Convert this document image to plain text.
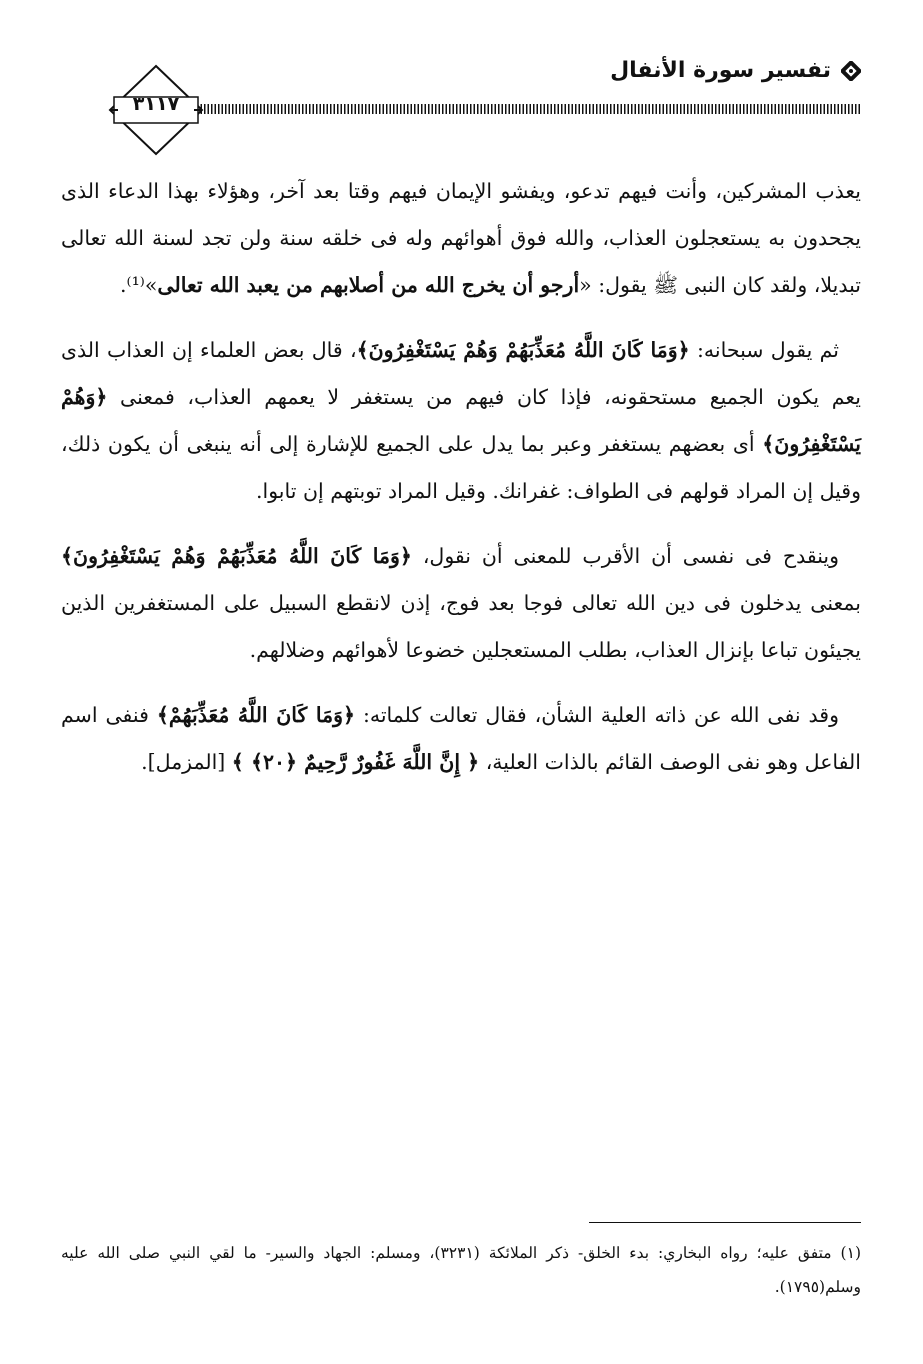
تفسير سورة الأنفال
٣١١٧

يعذب المشركين، وأنت فيهم تدعو، ويفشو الإيمان فيهم وقتا بعد آخر، وهؤلاء بهذا الدعاء الذى يجحدون به يستعجلون العذاب، والله فوق أهوائهم وله فى خلقه سنة ولن تجد لسنة الله تعالى تبديلا، ولقد كان النبى ﷺ يقول: «أرجو أن يخرج الله من أصلابهم من يعبد الله تعالى»⁽¹⁾.

ثم يقول سبحانه: ﴿وَمَا كَانَ اللَّهُ مُعَذِّبَهُمْ وَهُمْ يَسْتَغْفِرُونَ﴾، قال بعض العلماء إن العذاب الذى يعم يكون الجميع مستحقونه، فإذا كان فيهم من يستغفر لا يعمهم العذاب، فمعنى ﴿وَهُمْ يَسْتَغْفِرُونَ﴾ أى بعضهم يستغفر وعبر بما يدل على الجميع للإشارة إلى أنه ينبغى أن يكون ذلك، وقيل إن المراد قولهم فى الطواف: غفرانك. وقيل المراد توبتهم إن تابوا.

وينقدح فى نفسى أن الأقرب للمعنى أن نقول، ﴿وَمَا كَانَ اللَّهُ مُعَذِّبَهُمْ وَهُمْ يَسْتَغْفِرُونَ﴾ بمعنى يدخلون فى دين الله تعالى فوجا بعد فوج، إذن لانقطع السبيل على المستغفرين الذين يجيئون تباعا بإنزال العذاب، بطلب المستعجلين خضوعا لأهوائهم وضلالهم.

وقد نفى الله عن ذاته العلية الشأن، فقال تعالت كلماته: ﴿وَمَا كَانَ اللَّهُ مُعَذِّبَهُمْ﴾ فنفى اسم الفاعل وهو نفى الوصف القائم بالذات العلية، ﴿ إِنَّ اللَّهَ غَفُورٌ رَّحِيمٌ ﴿٢٠﴾ ﴾ [المزمل].

(١) متفق عليه؛ رواه البخاري: بدء الخلق- ذكر الملائكة (٣٢٣١)، ومسلم: الجهاد والسير- ما لقي النبي صلى الله عليه وسلم(١٧٩٥).
